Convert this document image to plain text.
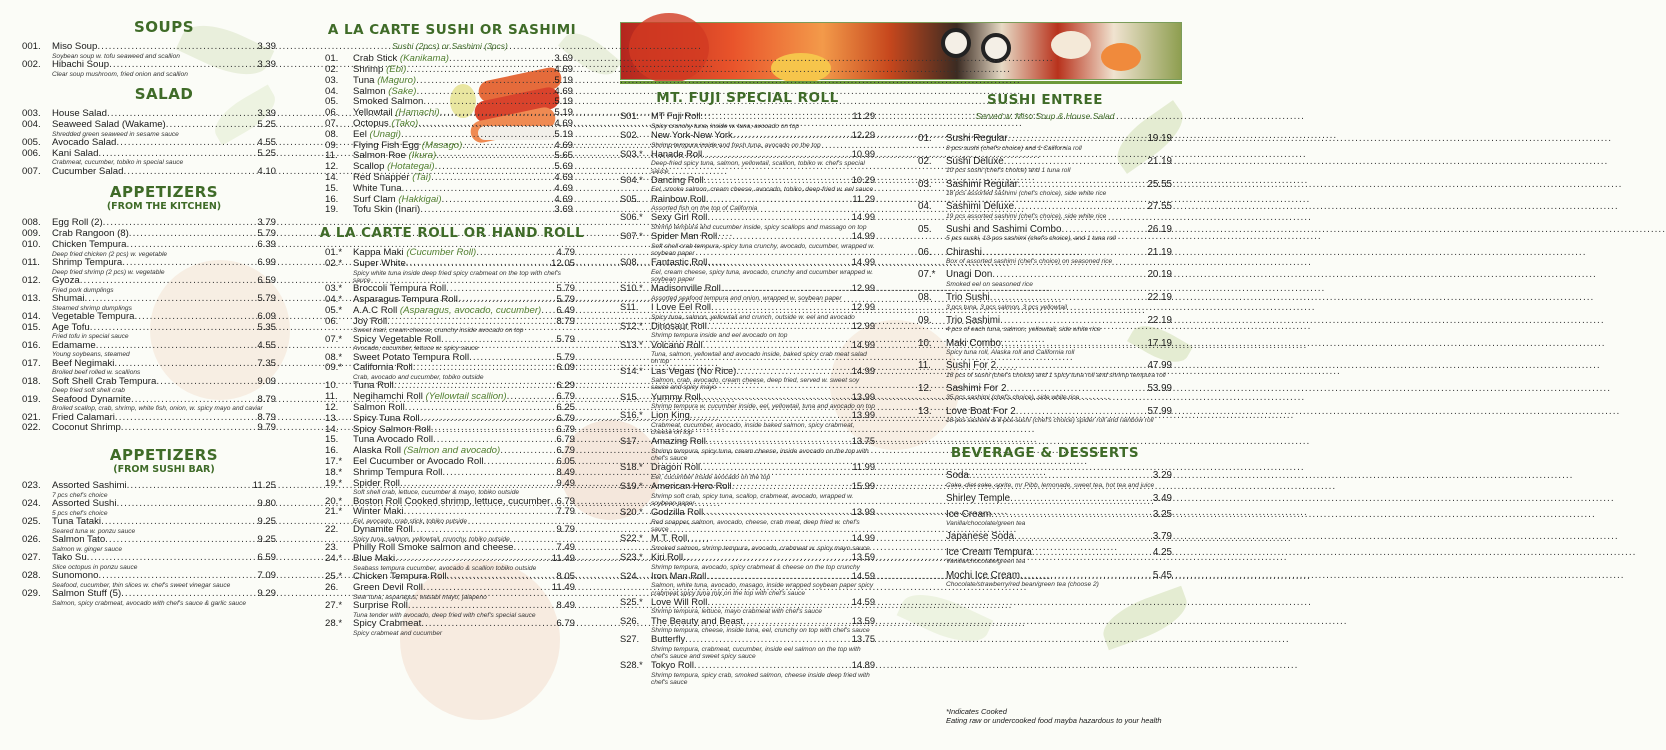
SOUPS
001.	Miso Soup .....	3.39
Soybean soup w. tofu seaweed and scallion
002.	Hibachi Soup .....	3.39
Clear soup mushroom, fried onion and scallion
SALAD
003.	House Salad .....	3.39
004.	Seaweed Salad (Wakame) .....	5.25
Shredded green seaweed in sesame sauce
005.	Avocado Salad .....	4.55
006.	Kani Salad .....	5.25
Crabmeat, cucumber, tobiko in special sauce
007.	Cucumber Salad .....	4.10
APPETIZERS
(FROM THE KITCHEN)
008.	Egg Roll (2) .....	3.79
009.	Crab Rangoon (8) .....	5.79
010.	Chicken Tempura .....	6.39
Deep fried chicken (2 pcs) w. vegetable
011.	Shrimp Tempura .....	6.99
Deep fried shrimp (2 pcs) w. vegetable
012.	Gyoza .....	6.59
Fried pork dumplings
013.	Shumai .....	5.79
Steamed shrimp dumplings
014.	Vegetable Tempura .....	6.09
015.	Age Tofu .....	5.35
Fried tofu in special sauce
016.	Edamame .....	4.55
Young soybeans, steamed
017.	Beef Negimaki .....	7.35
Broiled beef rolled w. scallions
018.	Soft Shell Crab Tempura .....	9.09
Deep fried soft shell crab
019.	Seafood Dynamite .....	8.79
Broiled scallop, crab, shrimp, white fish, onion, w. spicy mayo and caviar
021.	Fried Calamari .....	8.79
022.	Coconut Shrimp .....	9.79
APPETIZERS
(FROM SUSHI BAR)
023.	Assorted Sashimi .....	11.25
7 pcs chef's choice
024.	Assorted Sushi .....	9.80
5 pcs chef's choice
025.	Tuna Tataki .....	9.25
Seared tuna w. ponzu sauce
026.	Salmon Tato .....	9.25
Salmon w. ginger sauce
027.	Tako Su .....	6.59
Slice octopus in ponzu sauce
028.	Sunomono .....	7.09
Seafood, cucumber, thin slices w. chef's sweet vinegar sauce
029.	Salmon Stuff (5) .....	9.29
Salmon, spicy crabmeat, avocado with chef's sauce & garlic sauce
A LA CARTE SUSHI OR SASHIMI
Sushi (2pcs) or Sashimi (3pcs)
01.	Crab Stick (Kanikama) .....	3.69
02.	Shrimp (Ebi) .....	4.69
03.	Tuna (Maguro) .....	5.19
04.	Salmon (Sake) .....	4.69
05.	Smoked Salmon .....	5.19
06.	Yellowtail (Hamachi) .....	5.19
07.	Octopus (Tako) .....	4.69
08.	Eel (Unagi) .....	5.19
09.	Flying Fish Egg (Masago) .....	4.69
11.	Salmon Roe (Ikura) .....	5.65
12.	Scallop (Hotategai) .....	5.69
14.	Red Snapper (Tai) .....	4.69
15.	White Tuna .....	4.69
16.	Surf Clam (Hakkigai) .....	4.69
19.	Tofu Skin (Inari) .....	3.69
A LA CARTE ROLL OR HAND ROLL
01.*	Kappa Maki (Cucumber Roll) .....	4.79
02.*	Super White .....	12.05
Spicy white tuna inside deep fried spicy crabmeat on the top with chef's sauce
03.*	Broccoli Tempura Roll .....	5.79
04.*	Asparagus Tempura Roll .....	5.79
05.*	A.A.C Roll (Asparagus, avocado, cucumber) ..... 6.49
06.	Joy Roll .....	8.79
Sweet inari, cream cheese, crunchy inside avocado on top
07.*	Spicy Vegetable Roll .....	5.79
Avocado, cucumber, lettuce w. spicy sauce
08.*	Sweet Potato Tempura Roll .....	5.79
09.*	California Roll .....	6.09
Crab, avocado and cucumber, tobiko outside
10.	Tuna Roll .....	6.29
11.	Negihamchi Roll (Yellowtail scallion) .....	6.79
12.	Salmon Roll .....	6.25
13.	Spicy Tuna Roll .....	6.79
14.	Spicy Salmon Roll .....	6.79
15.	Tuna Avocado Roll .....	6.79
16.	Alaska Roll (Salmon and avocado) .....	6.79
17.*	Eel Cucumber or Avocado Roll .....	6.05
18.*	Shrimp Tempura Roll .....	8.49
19.*	Spider Roll .....	9.49
Soft shell crab, lettuce, cucumber & mayo, tobiko outside
20.*	Boston Roll Cooked shrimp, lettuce, cucumber ..... 6.79
21.*	Winter Maki .....	7.79
Eel, avocado, crab stick, tobiko outside
22.	Dynamite Roll .....	9.79
Spicy tuna, salmon, yellowtail, crunchy, tobiko outside
23.	Philly Roll Smoke salmon and cheese .....	7.49
24.*	Blue Maki .....	11.49
Seabass tempura cucumber, avocado & scallion tobiko outside
25.*	Chicken Tempura Roll .....	8.05
26.	Green Devil Roll .....	11.49
Sear tuna, asparagus, wasabi mayo, jalapeno
27.*	Surprise Roll .....	8.49
Tuna tender with avocado, deep fried with chef's special sauce
28.*	Spicy Crabmeat .....	6.79
Spicy crabmeat and cucumber
MT. FUJI SPECIAL ROLL
S01.	MT Fuji Roll .....	11.29
Spicy crunchy tuna, inside w. tuna, avocado on top
S02.	New York-New York .....	12.29
Shrimp tempura inside and fresh tuna, avocado on the top
S03.* Hanade Roll .....	10.99
Deep-fried spicy tuna, salmon, yellowtail, scallion, tobiko w. chef's special sauce
S04.* Dancing Roll .....	10.29
Eel, smoke salmon, cream cheese, avocado, tobiko, deep-fried w. eel sauce
S05.	Rainbow Roll .....	11.29
Assorted fish on the top of California
S06.* Sexy Girl Roll .....	14.99
Shrimp tempura and cucumber inside, spicy scallops and massago on top
S07.* Spider Man Roll .....	14.99
Soft shell crab tempura, spicy tuna crunchy, avocado, cucumber, wrapped w. soybean paper
S08.	Fantastic Roll .....	14.99
Eel, cream cheese, spicy tuna, avocado, crunchy and cucumber wrapped w. soybean paper
S10.* Madisonville Roll .....	12.99
Assorted seafood tempura and onion, wrapped w. soybean paper
S11.	I Love Eel Roll .....	12.99
Spicy tuna, salmon, yellowtail and crunch, outside w. eel and avocado
S12.* Dinosaur Roll .....	12.99
Shrimp tempura inside and eel avocado on top
S13.* Volcano Roll .....	14.99
Tuna, salmon, yellowtail and avocado inside, baked spicy crab meat salad on top
S14.* Las Vegas (No Rice) .....	14.99
Salmon, crab, avocado, cream cheese, deep fried, served w. sweet soy sauce and spicy mayo
S15.	Yummy Roll .....	13.99
Shrimp tempura w. cucumber inside, eel, yellowtail, tuna and avocado on top
S16.* Lion King .....	13.99
Crabmeat, cucumber, avocado, inside baked salmon, spicy crabmeat, cheese on top
S17.	Amazing Roll .....	13.75
Shrimp tempura, spicy tuna, cream cheese, inside avocado on the top with chef's sauce
S18.* Dragon Roll .....	11.99
Eel, cucumber inside avocado on the top
S19.* American Hero Roll .....	15.99
Shrimp soft crab, spicy tuna, scallop, crabmeat, avocado, wrapped w. soybean paper
S20.* Godzilla Roll .....	13.99
Red snapper, salmon, avocado, cheese, crab meat, deep fried w. chef's sauce
S22.* M.T. Roll .....	14.99
Smoked salmon, shrimp tempura, avocado, crabmeat w. spicy mayo sauce
S23.* Kiri Roll .....	13.59
Shrimp tempura, avocado, spicy crabmeat & cheese on the top crunchy
S24.	Iron Man Roll .....	14.59
Salmon, white tuna, avocado, masago, inside wrapped soybean paper spicy crabmeat spicy tuna mix on the top with chef's sauce
S25.* Love Will Roll .....	14.59
Shrimp tempura, lettuce, mayo crabmeat with chef's sauce
S26.	The Beauty and Beast .....	13.59
Shrimp tempura, cheese, inside tuna, eel, crunchy on top with chef's sauce
S27.	Butterfly .....	13.75
Shrimp tempura, crabmeat, cucumber, inside eel salmon on the top with chef's sauce and sweet spicy sauce
S28.* Tokyo Roll .....	14.89
Shrimp tempura, spicy crab, smoked salmon, cheese inside deep fried with chef's sauce
SUSHI ENTREE
Served w. Miso Soup & House Salad
01.	Sushi Regular .....	19.19
8 pcs sushi (chef's choice) and 1 California roll
02.	Sushi Deluxe .....	21.19
10 pcs sushi (chef's choice) and 1 tuna roll
03.	Sashimi Regular .....	25.55
18 pcs assorted sashimi (chef's choice), side white rice
04.	Sashimi Deluxe .....	27.55
19 pcs assorted sashimi (chef's choice), side white rice
05.	Sushi and Sashimi Combo .....	26.19
5 pcs sushi, 13 pcs sashimi (chef's choice), and 1 tuna roll
06.	Chirashi .....	21.19
Box of assorted sashimi (chef's choice) on seasoned rice
07.*	Unagi Don .....	20.19
Smoked eel on seasoned rice
08.	Trio Sushi .....	22.19
3 pcs tuna, 3 pcs salmon, 3 pcs yellowtail
09.	Trio Sashimi .....	22.19
4 pcs of each tuna, salmon, yellowtail, side white rice
10.	Maki Combo .....	17.19
Spicy tuna roll, Alaska roll and California roll
11.	Sushi For 2 .....	47.99
16 pcs of sushi (chef's choice) and 1 spicy tuna roll and shrimp tempura roll
12.	Sashimi For 2 .....	53.99
35 pcs sashimi (chef's choice), side white rice
13.	Love Boat For 2 .....	57.99
18 pcs sashimi & 8 pcs sushi (chef's choice) spider roll and rainbow roll
BEVERAGE & DESSERTS
Soda .....	3.29
Coke, diet coke, sprite, mr Pibb, lemonade, sweet tea, hot tea and juice
Shirley Temple .....	3.49
Ice Cream .....	3.25
Vanilla/chocolate/green tea
Japanese Soda .....	3.79
Ice Cream Tempura .....	4.25
Vanilla/chocolate/green tea
Mochi Ice Cream .....	5.45
Chocolate/strawberry/red bean/green tea (choose 2)
*Indicates Cooked
Eating raw or undercooked food mayba hazardous to your health
